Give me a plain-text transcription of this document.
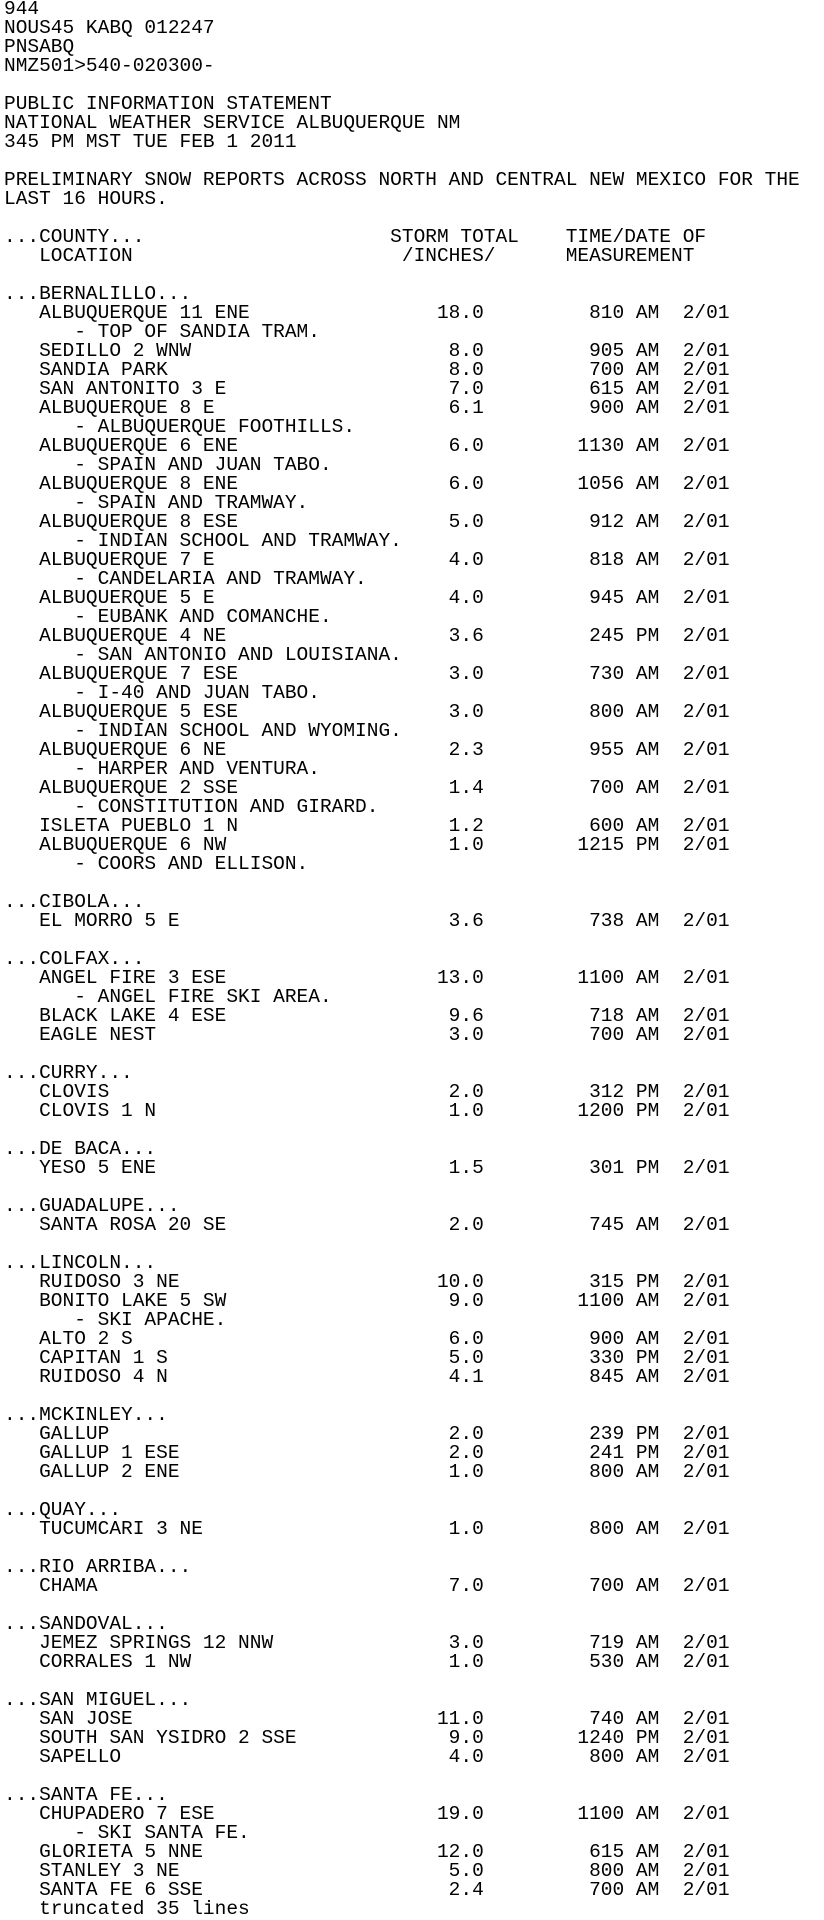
944
NOUS45 KABQ 012247
PNSABQ
NMZ501>540-020300-
PUBLIC INFORMATION STATEMENT
NATIONAL WEATHER SERVICE ALBUQUERQUE NM
345 PM MST TUE FEB 1 2011
PRELIMINARY SNOW REPORTS ACROSS NORTH AND CENTRAL NEW MEXICO FOR THE
LAST 16 HOURS.
...COUNTY...                     STORM TOTAL    TIME/DATE OF
LOCATION                       /INCHES/      MEASUREMENT
...BERNALILLO...
ALBUQUERQUE 11 ENE                18.0         810 AM  2/01
- TOP OF SANDIA TRAM.
SEDILLO 2 WNW                      8.0         905 AM  2/01
SANDIA PARK                        8.0         700 AM  2/01
SAN ANTONITO 3 E                   7.0         615 AM  2/01
ALBUQUERQUE 8 E                    6.1         900 AM  2/01
- ALBUQUERQUE FOOTHILLS.
ALBUQUERQUE 6 ENE                  6.0        1130 AM  2/01
- SPAIN AND JUAN TABO.
ALBUQUERQUE 8 ENE                  6.0        1056 AM  2/01
- SPAIN AND TRAMWAY.
ALBUQUERQUE 8 ESE                  5.0         912 AM  2/01
- INDIAN SCHOOL AND TRAMWAY.
ALBUQUERQUE 7 E                    4.0         818 AM  2/01
- CANDELARIA AND TRAMWAY.
ALBUQUERQUE 5 E                    4.0         945 AM  2/01
- EUBANK AND COMANCHE.
ALBUQUERQUE 4 NE                   3.6         245 PM  2/01
- SAN ANTONIO AND LOUISIANA.
ALBUQUERQUE 7 ESE                  3.0         730 AM  2/01
- I-40 AND JUAN TABO.
ALBUQUERQUE 5 ESE                  3.0         800 AM  2/01
- INDIAN SCHOOL AND WYOMING.
ALBUQUERQUE 6 NE                   2.3         955 AM  2/01
- HARPER AND VENTURA.
ALBUQUERQUE 2 SSE                  1.4         700 AM  2/01
- CONSTITUTION AND GIRARD.
ISLETA PUEBLO 1 N                  1.2         600 AM  2/01
ALBUQUERQUE 6 NW                   1.0        1215 PM  2/01
- COORS AND ELLISON.
...CIBOLA...
EL MORRO 5 E                       3.6         738 AM  2/01
...COLFAX...
ANGEL FIRE 3 ESE                  13.0        1100 AM  2/01
- ANGEL FIRE SKI AREA.
BLACK LAKE 4 ESE                   9.6         718 AM  2/01
EAGLE NEST                         3.0         700 AM  2/01
...CURRY...
CLOVIS                             2.0         312 PM  2/01
CLOVIS 1 N                         1.0        1200 PM  2/01
...DE BACA...
YESO 5 ENE                         1.5         301 PM  2/01
...GUADALUPE...
SANTA ROSA 20 SE                   2.0         745 AM  2/01
...LINCOLN...
RUIDOSO 3 NE                      10.0         315 PM  2/01
BONITO LAKE 5 SW                   9.0        1100 AM  2/01
- SKI APACHE.
ALTO 2 S                           6.0         900 AM  2/01
CAPITAN 1 S                        5.0         330 PM  2/01
RUIDOSO 4 N                        4.1         845 AM  2/01
...MCKINLEY...
GALLUP                             2.0         239 PM  2/01
GALLUP 1 ESE                       2.0         241 PM  2/01
GALLUP 2 ENE                       1.0         800 AM  2/01
...QUAY...
TUCUMCARI 3 NE                     1.0         800 AM  2/01
...RIO ARRIBA...
CHAMA                              7.0         700 AM  2/01
...SANDOVAL...
JEMEZ SPRINGS 12 NNW               3.0         719 AM  2/01
CORRALES 1 NW                      1.0         530 AM  2/01
...SAN MIGUEL...
SAN JOSE                          11.0         740 AM  2/01
SOUTH SAN YSIDRO 2 SSE             9.0        1240 PM  2/01
SAPELLO                            4.0         800 AM  2/01
...SANTA FE...
CHUPADERO 7 ESE                   19.0        1100 AM  2/01
- SKI SANTA FE.
GLORIETA 5 NNE                    12.0         615 AM  2/01
STANLEY 3 NE                       5.0         800 AM  2/01
SANTA FE 6 SSE                     2.4         700 AM  2/01
truncated 35 lines
